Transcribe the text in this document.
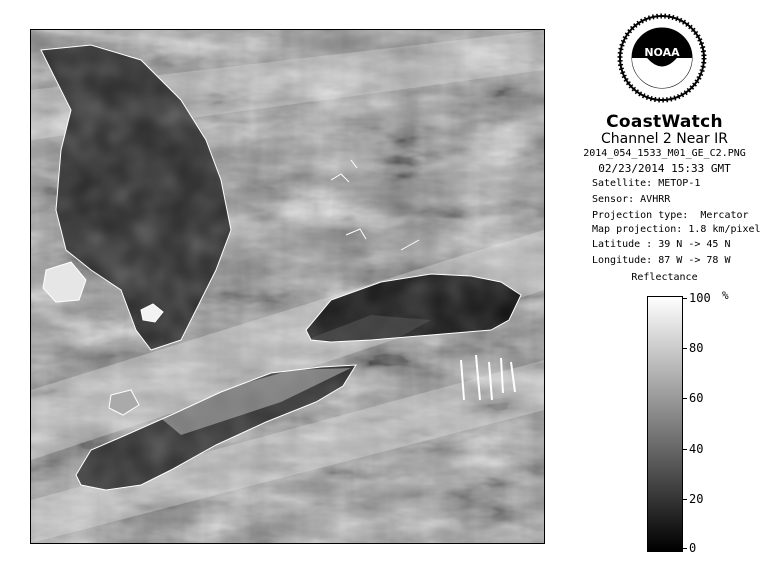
NOAA
CoastWatch
Channel 2 Near IR
2014_054_1533_M01_GE_C2.PNG
02/23/2014 15:33 GMT
Satellite: METOP-1
Sensor: AVHRR
Projection type:  Mercator
Map projection: 1.8 km/pixel
Latitude : 39 N -> 45 N
Longitude: 87 W -> 78 W
Reflectance
%
100
80
60
40
20
0
